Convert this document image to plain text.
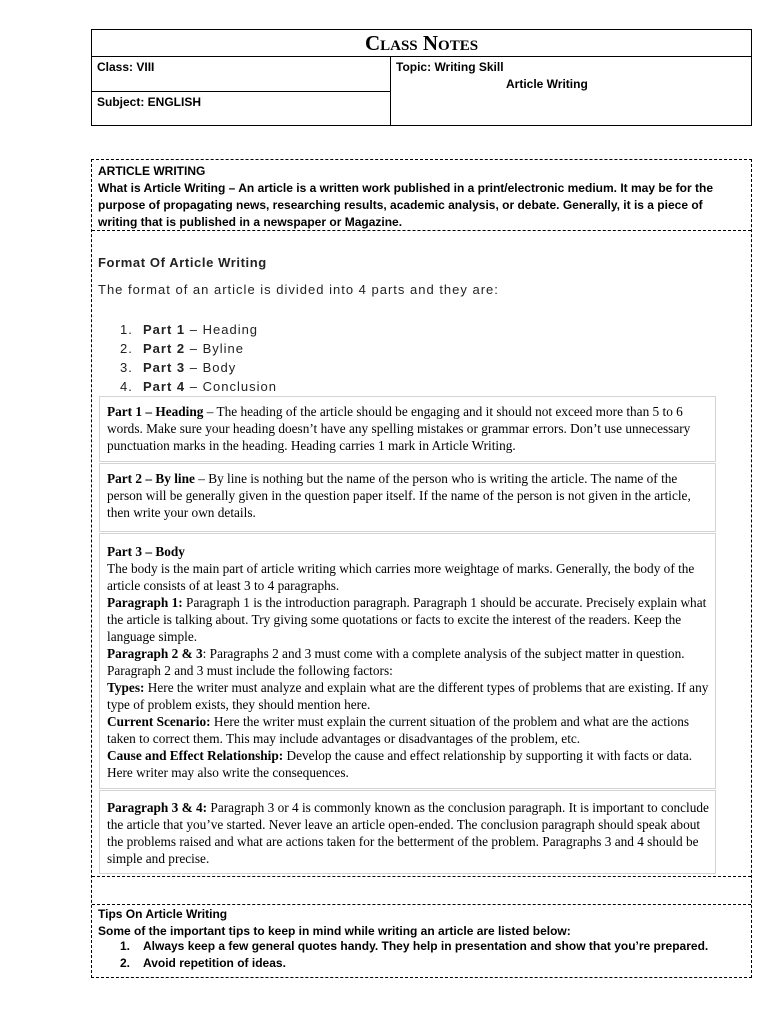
Class Notes
Class: VIII
Subject: ENGLISH
Topic: Writing Skill
Article Writing
ARTICLE WRITING
What is Article Writing – An article is a written work published in a print/electronic medium. It may be for the purpose of propagating news, researching results, academic analysis, or debate. Generally, it is a piece of writing that is published in a newspaper or Magazine.
Format Of Article Writing
The format of an article is divided into 4 parts and they are:
1. Part 1 – Heading
2. Part 2 – Byline
3. Part 3 – Body
4. Part 4 – Conclusion

Part 1 – Heading – The heading of the article should be engaging and it should not exceed more than 5 to 6 words. Make sure your heading doesn’t have any spelling mistakes or grammar errors. Don’t use unnecessary punctuation marks in the heading. Heading carries 1 mark in Article Writing.

Part 2 – By line – By line is nothing but the name of the person who is writing the article. The name of the person will be generally given in the question paper itself. If the name of the person is not given in the article, then write your own details.

Part 3 – Body

The body is the main part of article writing which carries more weightage of marks. Generally, the body of the article consists of at least 3 to 4 paragraphs.

Paragraph 1: Paragraph 1 is the introduction paragraph. Paragraph 1 should be accurate. Precisely explain what the article is talking about. Try giving some quotations or facts to excite the interest of the readers. Keep the language simple.

Paragraph 2 & 3: Paragraphs 2 and 3 must come with a complete analysis of the subject matter in question. Paragraph 2 and 3 must include the following factors:

Types: Here the writer must analyze and explain what are the different types of problems that are existing. If any type of problem exists, they should mention here.

Current Scenario: Here the writer must explain the current situation of the problem and what are the actions taken to correct them. This may include advantages or disadvantages of the problem, etc.

Cause and Effect Relationship: Develop the cause and effect relationship by supporting it with facts or data. Here writer may also write the consequences.

Paragraph 3 & 4: Paragraph 3 or 4 is commonly known as the conclusion paragraph. It is important to conclude the article that you’ve started. Never leave an article open-ended. The conclusion paragraph should speak about the problems raised and what are actions taken for the betterment of the problem. Paragraphs 3 and 4 should be simple and precise.

Tips On Article Writing
Some of the important tips to keep in mind while writing an article are listed below:
1. Always keep a few general quotes handy. They help in presentation and show that you’re prepared.
2. Avoid repetition of ideas.
